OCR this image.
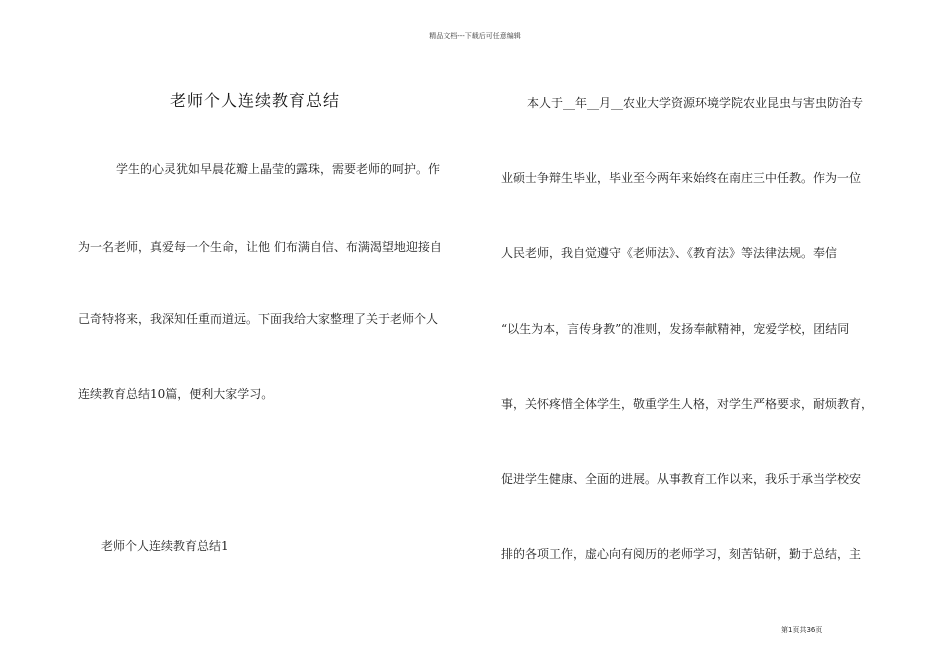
精品文档---下载后可任意编辑
老师个人连续教育总结
学生的心灵犹如早晨花瓣上晶莹的露珠，需要老师的呵护。作
为一名老师，真爱每一个生命，让他 们布满自信、布满渴望地迎接自
己奇特将来，我深知任重而道远。下面我给大家整理了关于老师个人
连续教育总结10篇，便利大家学习。
老师个人连续教育总结1
本人于__年__月__农业大学资源环境学院农业昆虫与害虫防治专
业硕士争辩生毕业，毕业至今两年来始终在南庄三中任教。作为一位
人民老师，我自觉遵守《老师法》、《教育法》等法律法规。奉信
“以生为本，言传身教”的准则，发扬奉献精神，宠爱学校，团结同
事，关怀疼惜全体学生，敬重学生人格，对学生严格要求，耐烦教育，
促进学生健康、全面的进展。从事教育工作以来，我乐于承当学校安
排的各项工作，虚心向有阅历的老师学习，刻苦钻研，勤于总结，主
第1页共36页
